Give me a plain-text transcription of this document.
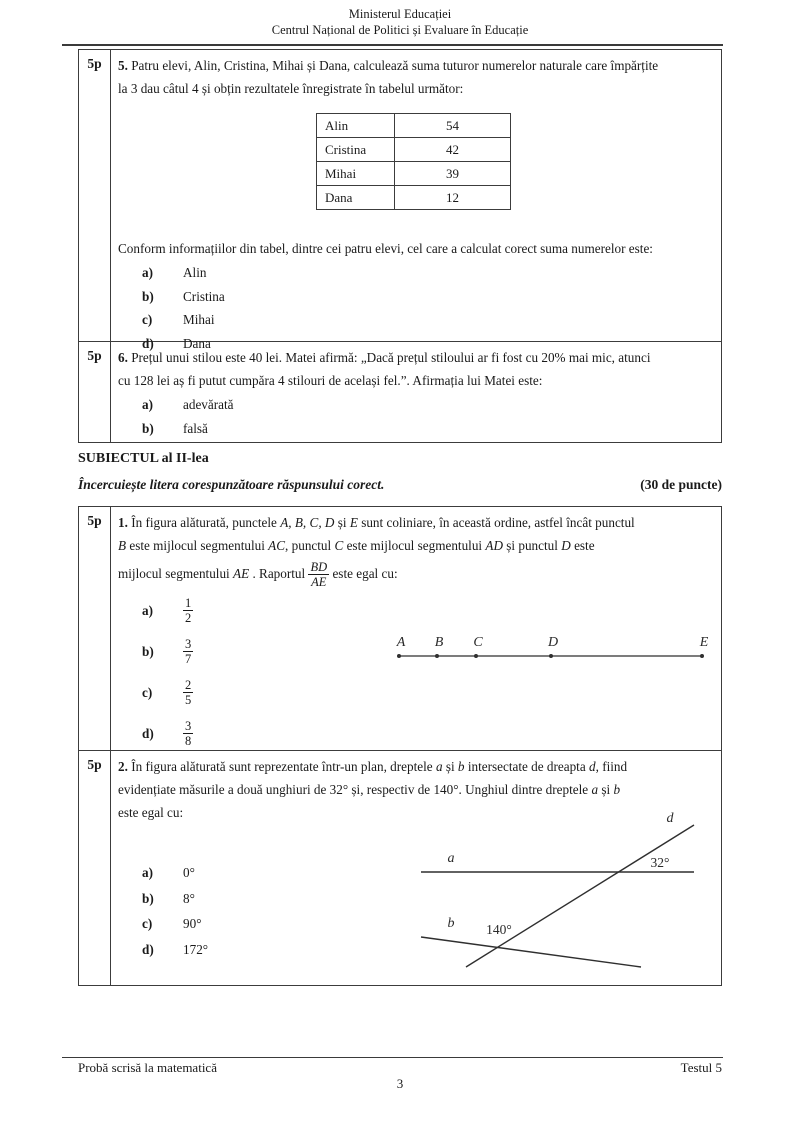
Ministerul Educației
Centrul Național de Politici și Evaluare în Educație
5p	5. Patru elevi, Alin, Cristina, Mihai și Dana, calculează suma tuturor numerelor naturale care împărțite
la 3 dau câtul 4 și obțin rezultatele înregistrate în tabelul următor:
Alin	54
Cristina	42
Mihai	39
Dana	12
Conform informațiilor din tabel, dintre cei patru elevi, cel care a calculat corect suma numerelor este:
a)	Alin
b)	Cristina
c)	Mihai
d)	Dana
5p	6. Prețul unui stilou este 40 lei. Matei afirmă: „Dacă prețul stiloului ar fi fost cu 20% mai mic, atunci
cu 128 lei aș fi putut cumpăra 4 stilouri de același fel.”. Afirmația lui Matei este:
a)	adevărată
b)	falsă
SUBIECTUL al II-lea
Încercuiește litera corespunzătoare răspunsului corect.	(30 de puncte)
5p	1. În figura alăturată, punctele A, B, C, D și E sunt coliniare, în această ordine, astfel încât punctul
B este mijlocul segmentului AC, punctul C este mijlocul segmentului AD și punctul D este
mijlocul segmentului AE . Raportul $\frac{BD}{AE}$ este egal cu:
a)	$\frac{1}{2}$
b)	$\frac{3}{7}$
c)	$\frac{2}{5}$
d)	$\frac{3}{8}$
A B C	D	E
5p	2. În figura alăturată sunt reprezentate într-un plan, dreptele a și b intersectate de dreapta d, fiind
evidențiate măsurile a două unghiuri de 32° și, respectiv de 140°. Unghiul dintre dreptele a și b
este egal cu:
a)	0°
b)	8°
c)	90°
d)	172°
a
d
b
32°
140°
Probă scrisă la matematică	Testul 5
3
